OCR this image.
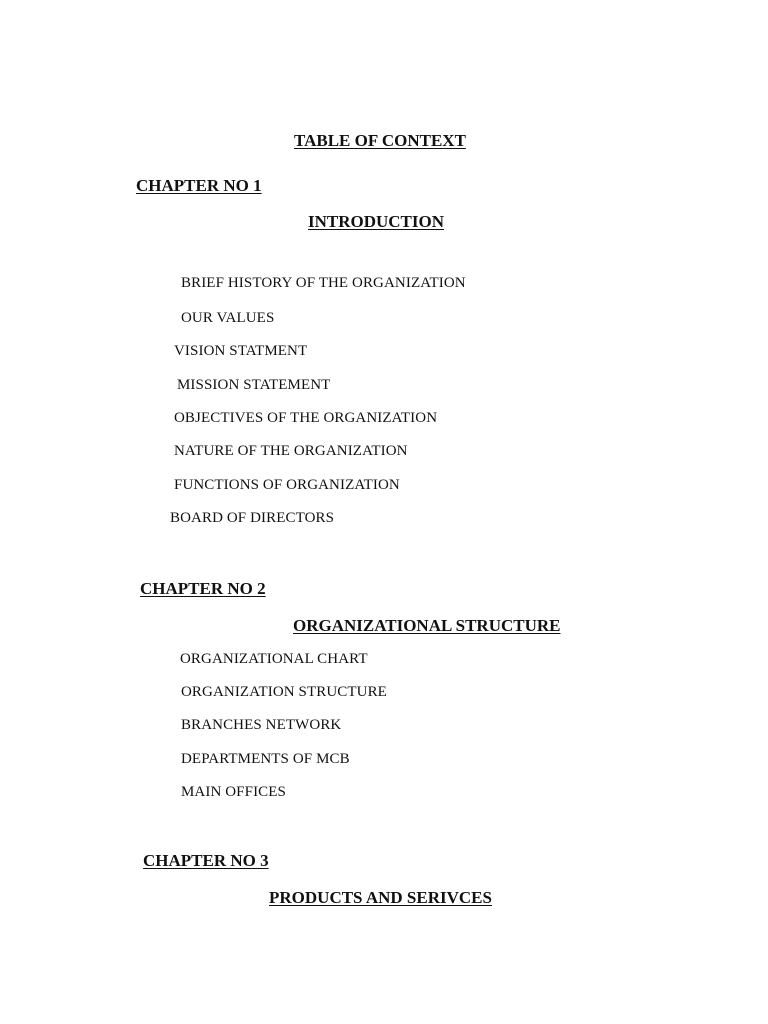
TABLE OF CONTEXT
CHAPTER NO 1
INTRODUCTION

BRIEF HISTORY OF THE ORGANIZATION

OUR VALUES

VISION STATMENT

MISSION STATEMENT

OBJECTIVES OF THE ORGANIZATION

NATURE OF THE ORGANIZATION

FUNCTIONS OF ORGANIZATION

BOARD OF DIRECTORS

CHAPTER NO 2
ORGANIZATIONAL STRUCTURE

ORGANIZATIONAL CHART

ORGANIZATION STRUCTURE

BRANCHES NETWORK

DEPARTMENTS OF MCB

MAIN OFFICES

CHAPTER NO 3
PRODUCTS AND SERIVCES
